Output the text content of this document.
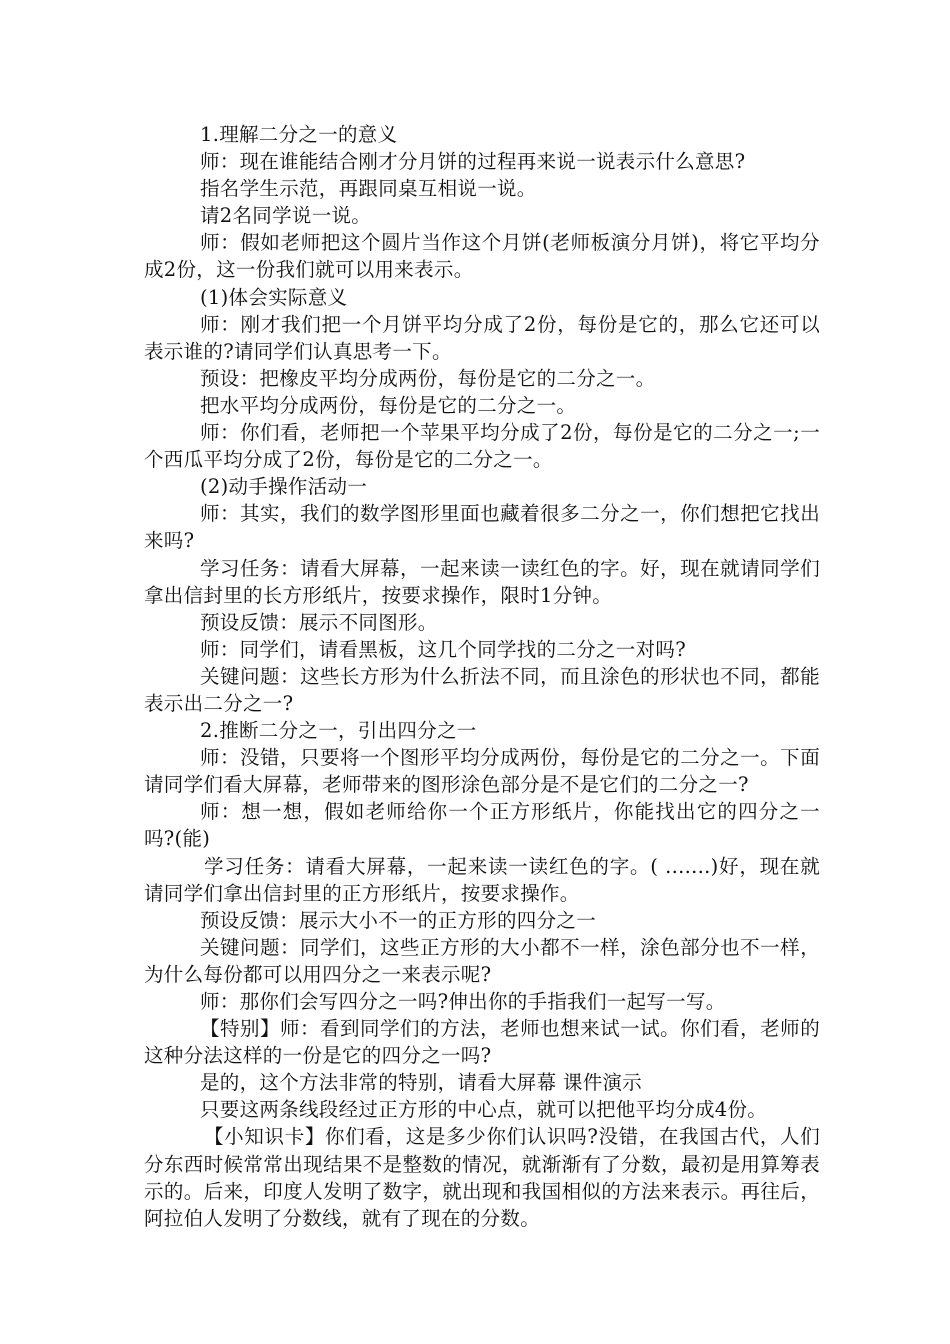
1.理解二分之一的意义

师：现在谁能结合刚才分月饼的过程再来说一说表示什么意思?

指名学生示范，再跟同桌互相说一说。

请2名同学说一说。

师：假如老师把这个圆片当作这个月饼(老师板演分月饼)，将它平均分成2份，这一份我们就可以用来表示。

(1)体会实际意义

师：刚才我们把一个月饼平均分成了2份，每份是它的，那么它还可以表示谁的?请同学们认真思考一下。

预设：把橡皮平均分成两份，每份是它的二分之一。

把水平均分成两份，每份是它的二分之一。

师：你们看，老师把一个苹果平均分成了2份，每份是它的二分之一;一个西瓜平均分成了2份，每份是它的二分之一。

(2)动手操作活动一

师：其实，我们的数学图形里面也藏着很多二分之一，你们想把它找出来吗?

学习任务：请看大屏幕，一起来读一读红色的字。好，现在就请同学们拿出信封里的长方形纸片，按要求操作，限时1分钟。

预设反馈：展示不同图形。

师：同学们，请看黑板，这几个同学找的二分之一对吗?

关键问题：这些长方形为什么折法不同，而且涂色的形状也不同，都能表示出二分之一?

2.推断二分之一，引出四分之一

师：没错，只要将一个图形平均分成两份，每份是它的二分之一。下面请同学们看大屏幕，老师带来的图形涂色部分是不是它们的二分之一?

师：想一想，假如老师给你一个正方形纸片，你能找出它的四分之一吗?(能)

学习任务：请看大屏幕，一起来读一读红色的字。( .......)好，现在就请同学们拿出信封里的正方形纸片，按要求操作。

预设反馈：展示大小不一的正方形的四分之一

关键问题：同学们，这些正方形的大小都不一样，涂色部分也不一样，为什么每份都可以用四分之一来表示呢?

师：那你们会写四分之一吗?伸出你的手指我们一起写一写。

【特别】师：看到同学们的方法，老师也想来试一试。你们看，老师的这种分法这样的一份是它的四分之一吗?

是的，这个方法非常的特别，请看大屏幕 课件演示

只要这两条线段经过正方形的中心点，就可以把他平均分成4份。

【小知识卡】你们看，这是多少你们认识吗?没错，在我国古代，人们分东西时候常常出现结果不是整数的情况，就渐渐有了分数，最初是用算筹表示的。后来，印度人发明了数字，就出现和我国相似的方法来表示。再往后，阿拉伯人发明了分数线，就有了现在的分数。
